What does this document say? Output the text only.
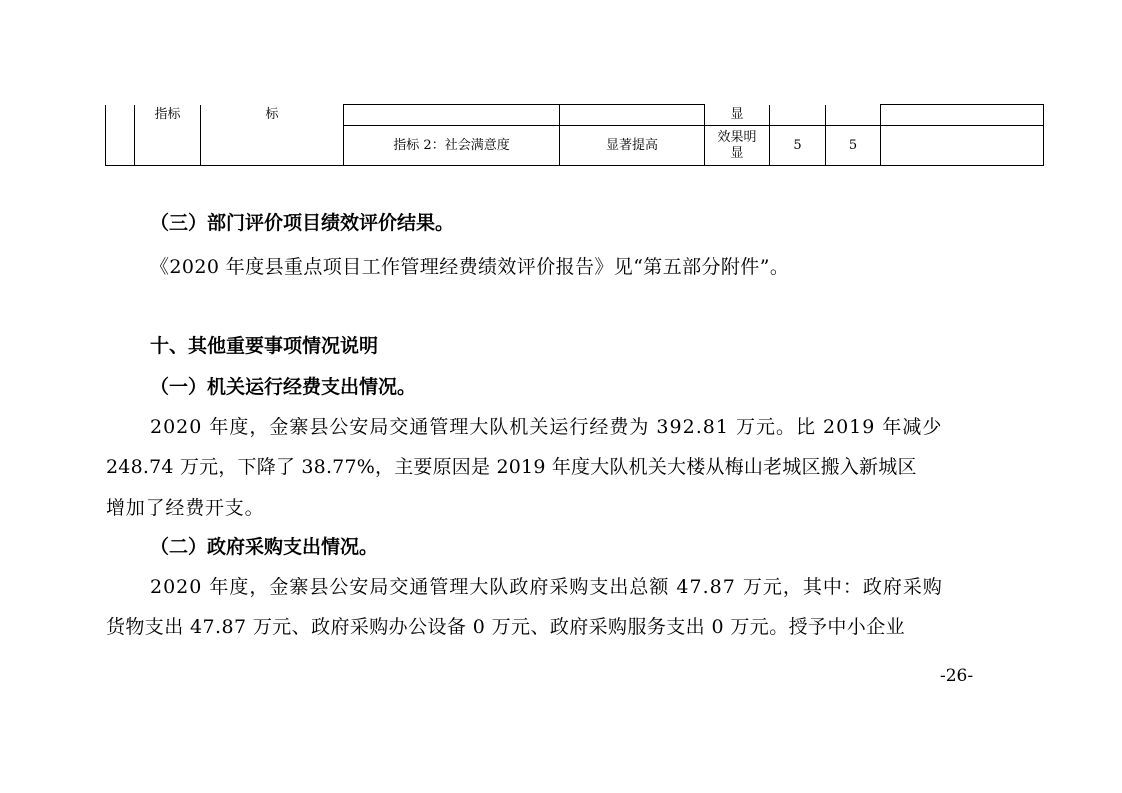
	指标	标			显			
			指标 2：社会满意度	显著提高	效果明显	5	5	
（三）部门评价项目绩效评价结果。
《2020 年度县重点项目工作管理经费绩效评价报告》见“第五部分附件”。
十、其他重要事项情况说明
（一）机关运行经费支出情况。
2020 年度，金寨县公安局交通管理大队机关运行经费为 392.81 万元。比 2019 年减少
248.74 万元，下降了 38.77%，主要原因是 2019 年度大队机关大楼从梅山老城区搬入新城区
增加了经费开支。
（二）政府采购支出情况。
2020 年度，金寨县公安局交通管理大队政府采购支出总额 47.87 万元，其中：政府采购
货物支出 47.87 万元、政府采购办公设备 0 万元、政府采购服务支出 0 万元。授予中小企业
-26-
